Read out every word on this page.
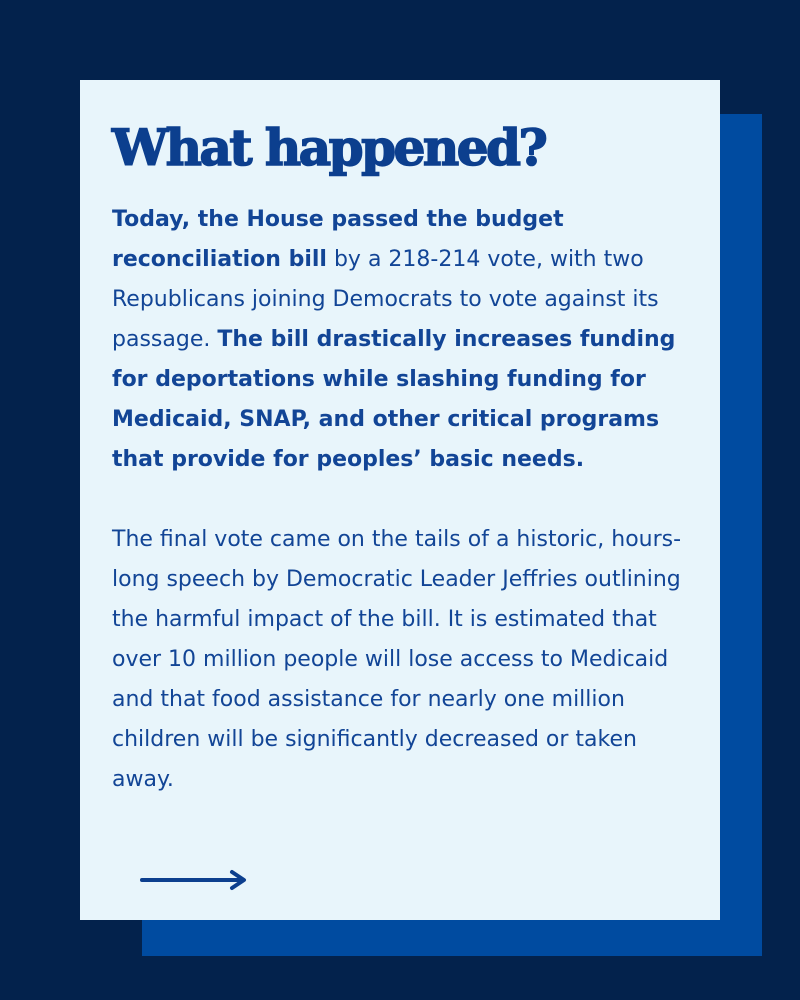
What happened?

Today, the House passed the budget reconciliation bill by a 218-214 vote, with two Republicans joining Democrats to vote against its passage. The bill drastically increases funding for deportations while slashing funding for Medicaid, SNAP, and other critical programs that provide for peoples’ basic needs.

The final vote came on the tails of a historic, hours-long speech by Democratic Leader Jeffries outlining the harmful impact of the bill. It is estimated that over 10 million people will lose access to Medicaid and that food assistance for nearly one million children will be significantly decreased or taken away.
